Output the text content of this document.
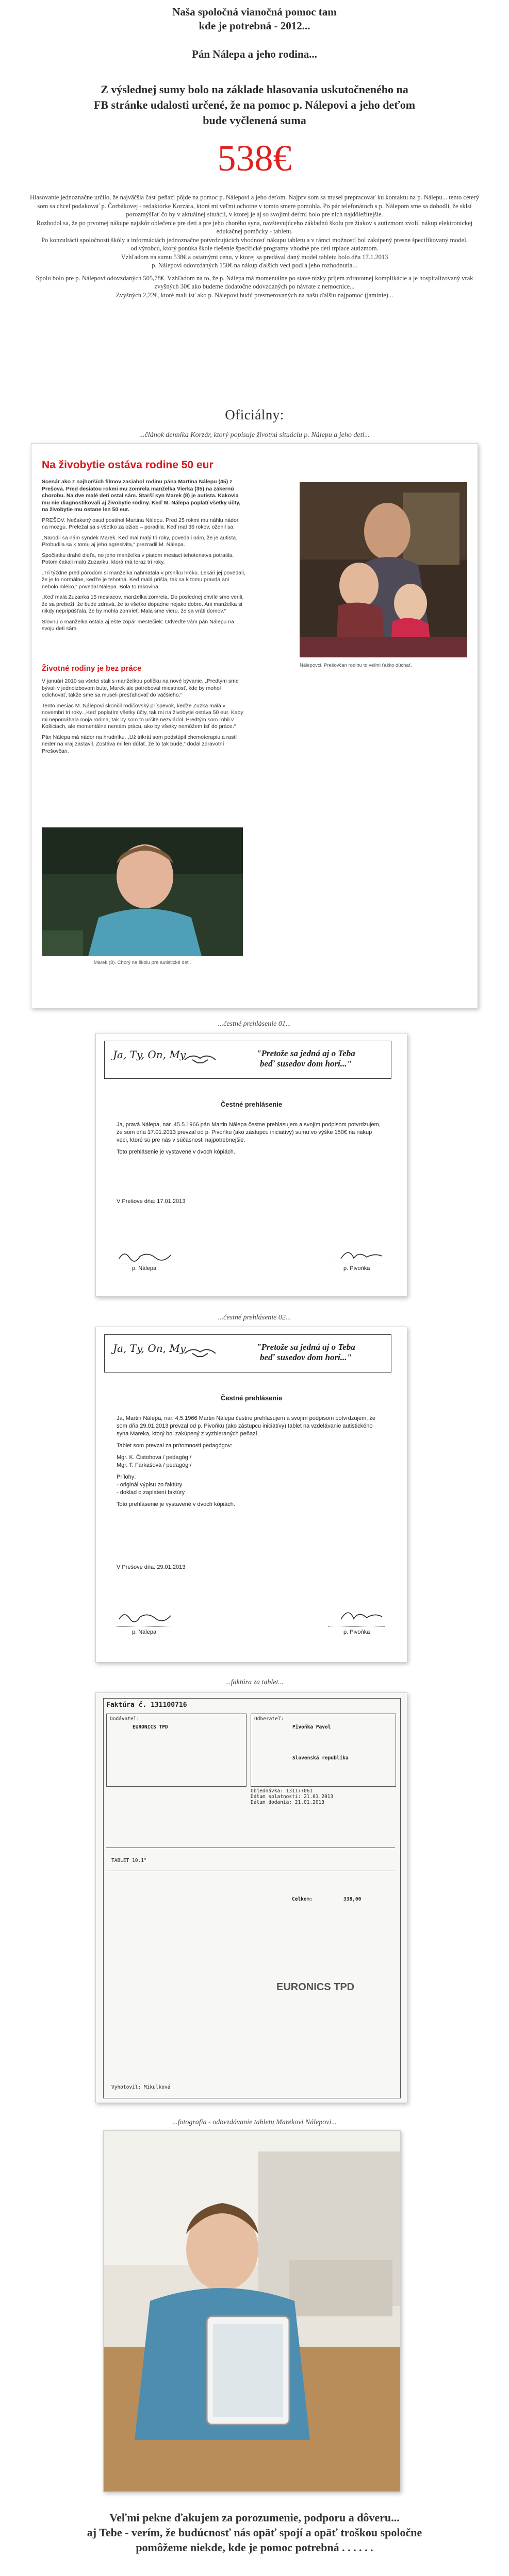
Naša spoločná vianočná pomoc tam
kde je potrebná - 2012...
Pán Nálepa a jeho rodina...
Z výslednej sumy bolo na základe hlasovania uskutočneného na
FB stránke udalosti určené, že na pomoc p. Nálepovi a jeho deťom
bude vyčlenená suma
538€

Hlasovanie jednoznačne určilo, že najväčšia časť peňazí pôjde na pomoc p. Nálepovi a jeho deťom. Najprv som sa musel prepracovať ku kontaktu na p. Nálepu... tento ceterý som sa chcel podakovať p. Čorbákovej - redaktorke Korzára, ktorá mi veľmi ochotne v tomto smere pomohla. Po pár telefonátoch s p. Nálepom sme sa dohodli, že sklsí porozmýšľať čo by v aktuálnej situácii, v ktorej je aj so svojimi deťmi bolo pre nich najdôležitejšie.

Rozhodol sa, že po prvotnej nákupe najskôr oblečenie pre deti a pre jeho chorého syna, navštevujúceho základnú školu pre žiakov s autizmom zvolil nákup elektronickej edukačnej pomôcky - tabletu.

Po konzultácii spoločnosti škôly a informáciách jednoznačne potvrdzujúcich vhodnosť nákupu tabletu a v rámci možností bol zakúpený presne špecifikovaný model,

od výrobcu, ktorý ponúka škole riešenie špecifické programy vhodné pre deti trpiace autizmom.

Vzhľadom na sumu 538€ a ostatnými cenu, v ktorej sa predával daný model tabletu bolo dňa 17.1.2013

p. Nálepovi odovzdaných 150€ na nákup ďalších vecí podľa jeho rozhodnutia...

Spolu bolo pre p. Nálepovi odovzdaných 505,78€. Vzhľadom na to, že p. Nálepa má momentálne po stave nízky príjem zdravotnej komplikácie a je hospitalizovaný vrak zvyšných 30€ ako budeme dodatočne odovzdaných po návrate z nemocnice...

Zvyšných 2,22€, ktoré mali ísť ako p. Nálepovi budú presmerovaných na našu ďalšiu najpomoc (jaminie)...

Oficiálny:
...článok denníka Korzár, ktorý popisuje životnú situáciu p. Nálepu a jeho detí...
Na živobytie ostáva rodine 50 eur

Scenár ako z najhorších filmov zasiahol rodinu pána Martina Nálepu (45) z Prešova. Pred desiatou rokmi mu zomrela manželka Vierka (35) na zákernú chorobu. Na dve malé deti ostal sám. Starší syn Marek (8) je autista. Kakovia mu nie diagnostikovali aj živobytie rodiny. Keď M. Nálepa poplatí všetky účty, na živobytie mu ostane len 50 eur.

PREŠOV. Nečakaný osud postihol Martina Nálepu. Pred 25 rokmi mu náhlu nádor na mozgu. Preležal sa s všetko za ožiab – poradila. Keď mal 36 rokov, oženil sa.

„Narodil sa nám syndek Marek. Keď mal malý tri roky, povedali nám, že je autista. Probudila sa k tomu aj jeho agresivita,“ prezradil M. Nálepa.

Spočiatku drahé dieťa, no jeho manželka v piatom mesiaci tehotenstva potratila. Potom čakali malú Zuzanku, ktorá má teraz tri roky.

„Tri týždne pred pôrodom si manželka nahmatala v prsníku hrčku. Lekári jej povedali, že je to normálne, keďže je tehotná. Keď malá prišla, tak sa k tomu pravda ani nebolo mleko,“ povedal Nálepa. Bola to rakovina.

„Keď malá Zuzanka 15 mesiacov, manželka zomrela. Do poslednej chvíle sme verili, že sa prebeží, že bude zdravá, že to všetko dopadne nejako dobre. Ani manželka si nikdy nepripúšťala, že by mohla zomrieť. Mala sme vieru, že sa vráti domov.“

Slovnú o manželka ostala aj ešte zopár mestečiek: Odveďte vám pán Nálepu na svoju deti sám.

Životné rodiny je bez práce

V januári 2010 sa všetci stali s manželkou políčku na nové bývanie. „Predtým sme bývali v jednoizbovom bute, Marek ale potreboval miestnosť, kde by mohol odichovať, takže sme sa museli presťahovať do väčšieho.“

Tento mesiac M. Nálepovi skončil rodičovský príspevok, keďže Zuzka malá v novembri tri roky. „Keď poplatím všetky účty, tak mi na živobytie ostáva 50 eur. Kaby mi nepomáhala moja rodina, tak by som to určite nezvládol. Predtým som robil v Košiciach, ale momentálne nemám prácu, ako by všetky nemôžem ísť do práce.“

Pán Nálepa má nádor na hrudníku. „Už trikrát som podstúpil chemoterapiu a rastí neder na vraj zastavil. Zostáva mi len dúfať, že to tak bude,“ dodal zdravotní Prešovčan.

Nálepovci. Prešovčan rodinu to veľmi ťažko dúchať.
Marek (8). Chorý na školu pre autistické deti.
...čestné prehlásenie 01...
Ja, Ty, On, My	"Pretože sa jedná aj o Teba
beď susedov dom horí..."
Čestné prehlásenie

Ja, pravá Nálepa, nar. 45.5.1966 pán Martin Nálepa čestne prehlasujem a svojím podpisom potvrdzujem, že som dňa 17.01.2013 prevzal od p. Pivoňku (ako zástupcu iniciatívy) sumu vo výške 150€ na nákup vecí, ktoré sú pre nás v súčasnosti najpotrebnejšie.

Toto prehlásenie je vystavené v dvoch kópiách.

V Prešove dňa: 17.01.2013
p. Nálepa	p. Pivoňka
...čestné prehlásenie 02...
Ja, Ty, On, My	"Pretože sa jedná aj o Teba
beď susedov dom horí..."
Čestné prehlásenie

Ja, Martin Nálepa, nar. 4.5.1966 Martin Nálepa čestne prehlasujem a svojím podpisom potvrdzujem, že som dňa 29.01.2013 prevzal od p. Pivoňku (ako zástupcu iniciatívy) tablet na vzdelávanie autistického syna Mareka, ktorý bol zakúpený z vyzbieraných peňazí.

Tablet som prevzal za prítomnosti pedagógov:

Mgr. K. Čistohova / pedagóg /

Mgr. T. Farkašová / pedagóg /

Prílohy:

- originál výpisu zo faktúry

- doklad o zaplatení faktúry

Toto prehlásenie je vystavené v dvoch kópiách.

V Prešove dňa: 29.01.2013
p. Nálepa	p. Pivoňka
...faktúra za tablet...
Faktúra č. 131100716
Dodávateľ:
EURONICS TPD
Odberateľ:
Pivoňka Pavol
Slovenská republika
Objednávka: 131177061
Dátum splatnosti: 21.01.2013
Dátum dodania: 21.01.2013
TABLET 10.1"
Celkom:	338,00
EURONICS TPD
Vyhotovil: Mikulková
...fotografia - odovzdávanie tabletu Marekovi Nálepovi...
Veľmi pekne ďakujem za porozumenie, podporu a dôveru...
aj Tebe - verím, že budúcnosť nás opäť spojí a opäť troškou spoločne
pomôžeme niekde, kde je pomoc potrebná . . . . . .
